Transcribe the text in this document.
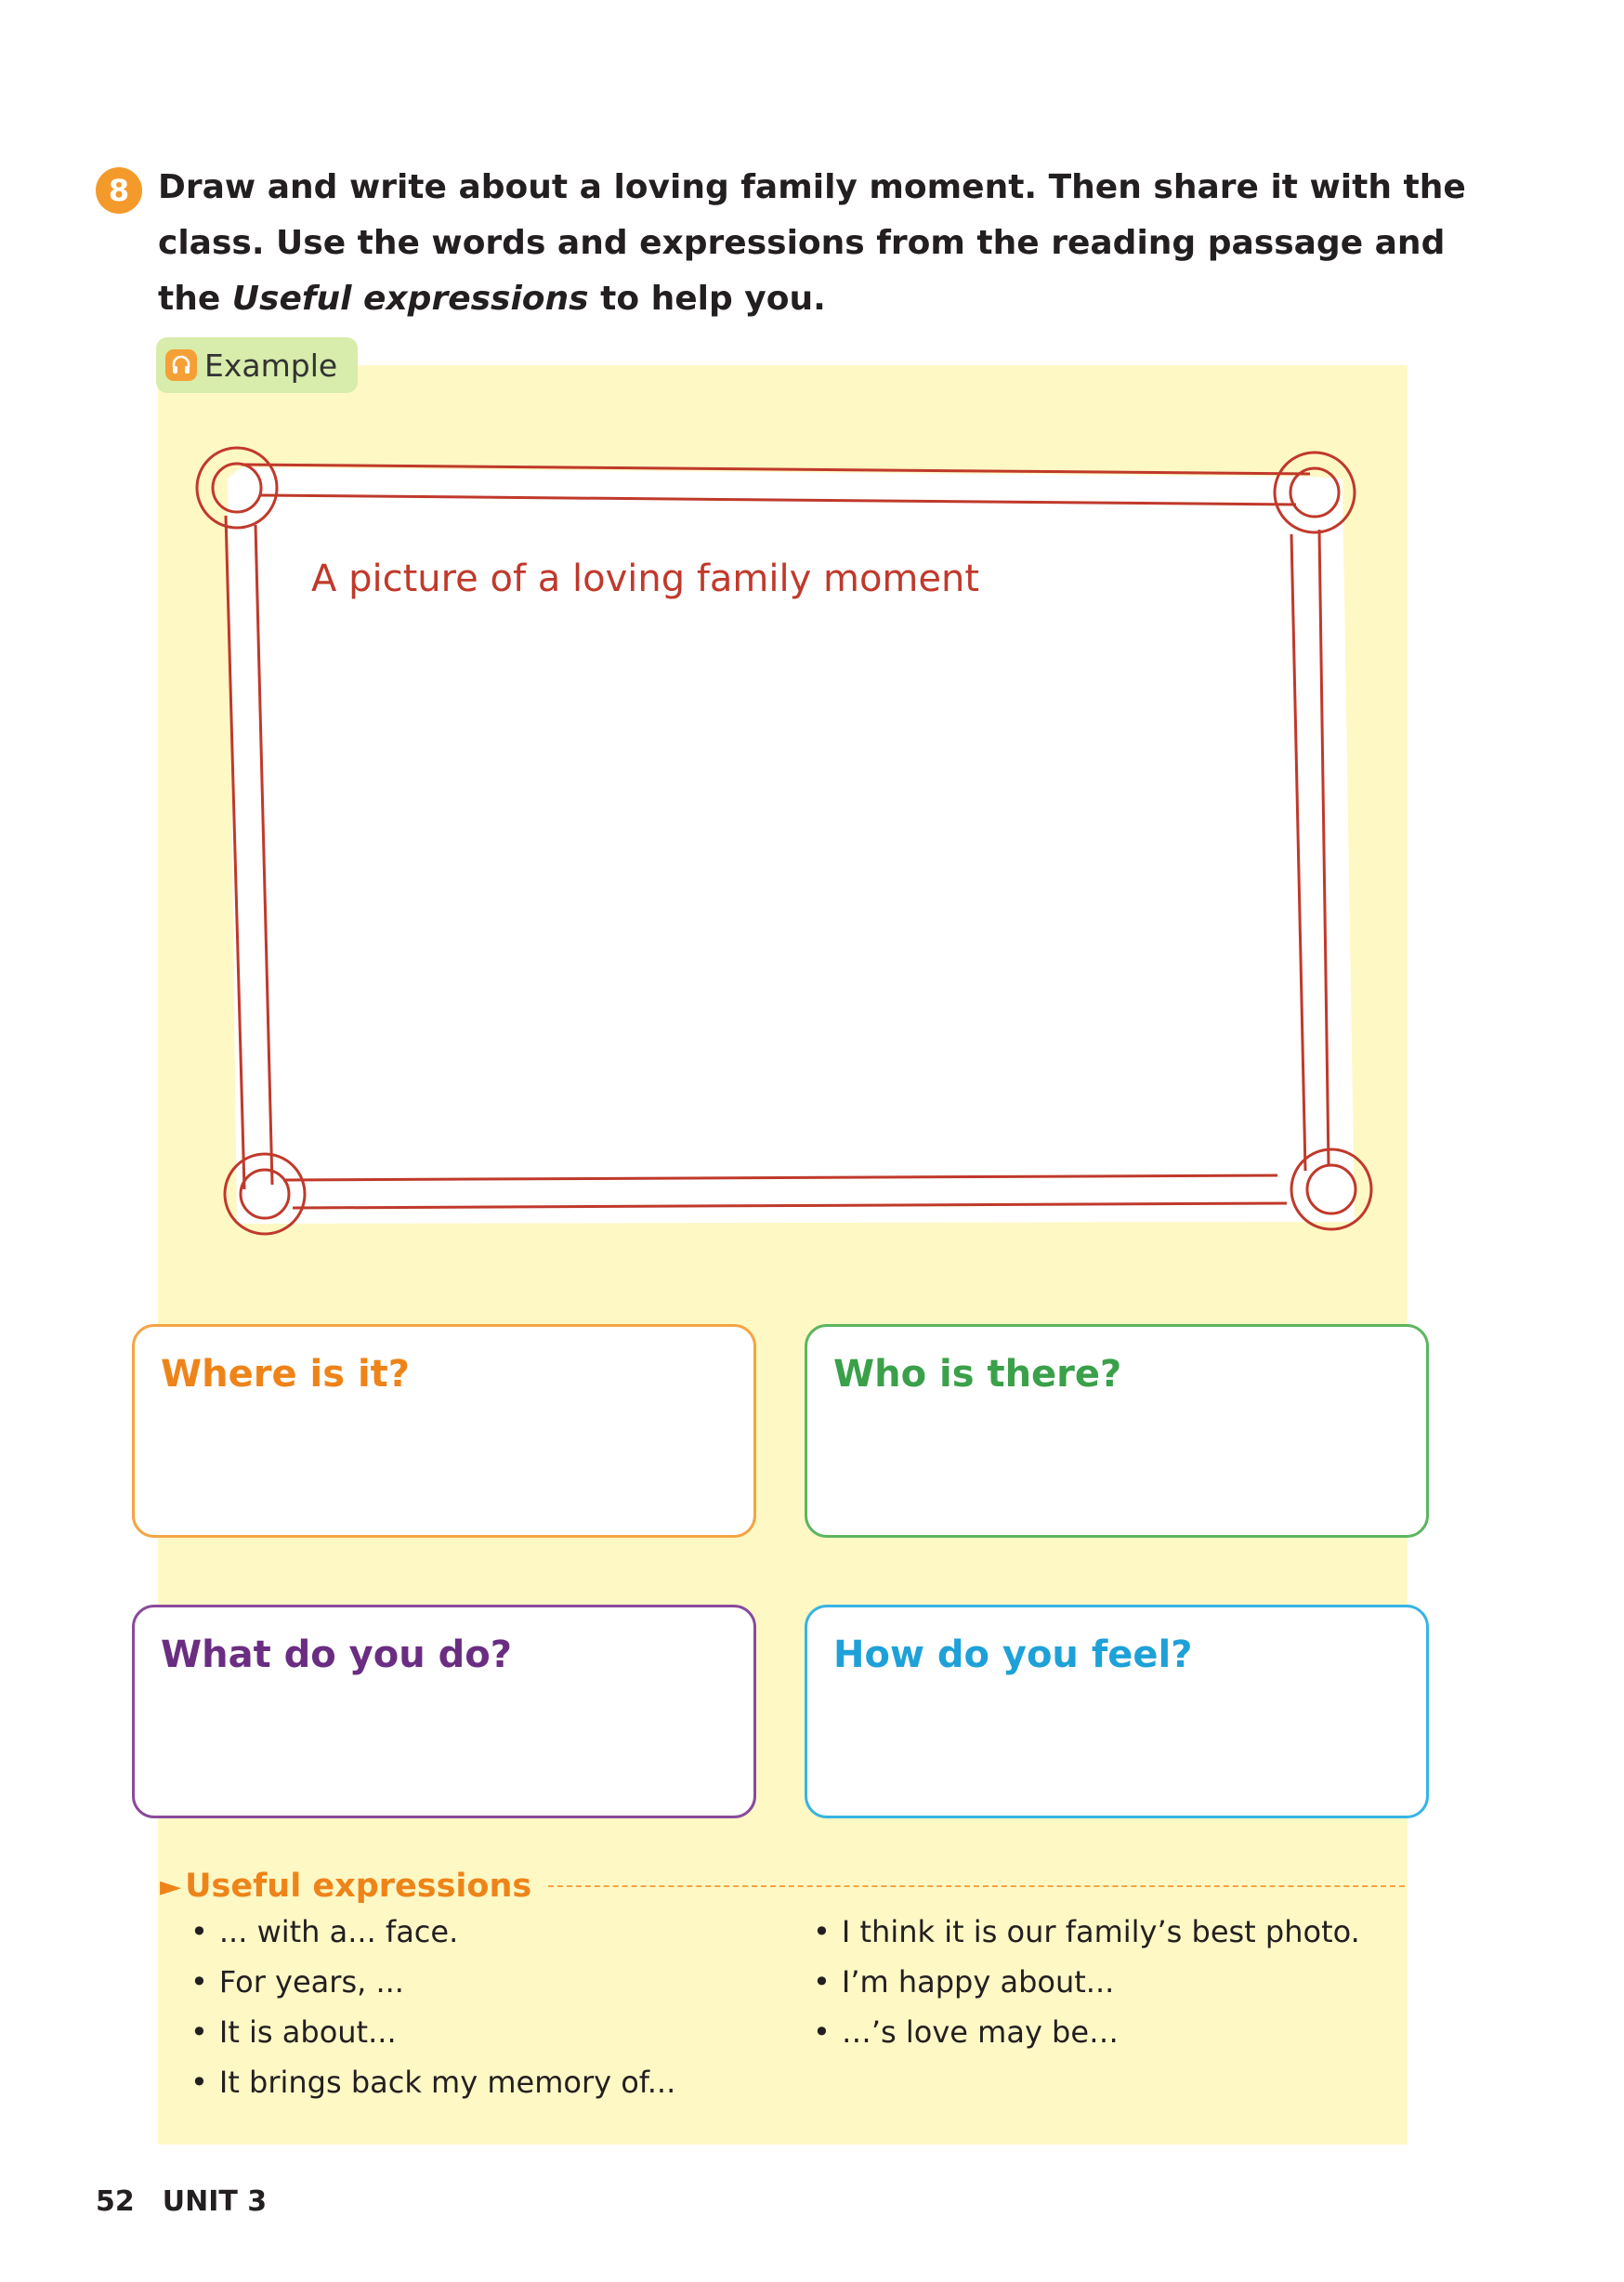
8 Draw and write about a loving family moment. Then share it with the class. Use the words and expressions from the reading passage and the Useful expressions to help you.

Example
A picture of a loving family moment
Where is it?	Who is there?
What do you do?	How do you feel?
► Useful expressions
• ... with a... face.
• For years, ...
• It is about...
• It brings back my memory of...
• I think it is our family’s best photo.
• I’m happy about...
• …’s love may be…
52 UNIT 3
